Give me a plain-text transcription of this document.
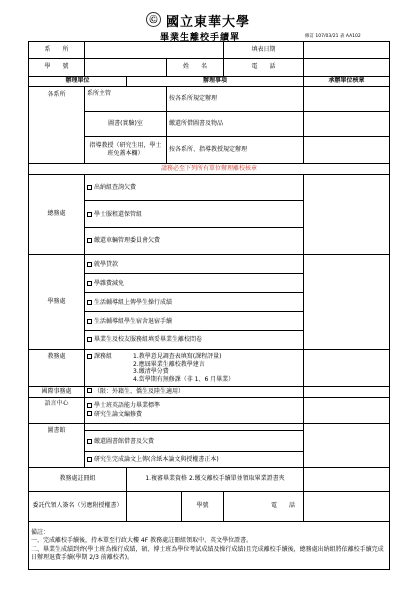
Ⓒ 國立東華大學
畢業生離校手續單	修訂 107/03/21 表 AA102
系　　所					填表日期	
學　　號			姓　　名		電　　話	
辦理單位		辦理事項				承辦單位核章
各系所	系所主管		按各系所規定辦理			
	圖書(實驗)室		繳還所借圖書及物品			
	指導教授（研究生用，學士班免蓋本欄）		按各系所、指導教授規定辦理			
請務必至下列所有單位辦理離校核章						
總務處	出納組查詢欠費
學士服租還保管組
繳還車輛管理委員會欠費					

學務處	就學貸款
學雜費減免
生活輔導組上傳學生操行成績
生活輔導組學生宿舍退宿手續
畢業生及校友服務組填妥畢業生離校問卷					

教務處	課務組 1.教學意見調查表填寫(課程評量)
2.應屆畢業生離校教學建言
3.繳清學分費
4.當學期有無修課（非 1、6 月畢業）					

國際事務處	（限：外籍生、僑生及陸生適用）					
語言中心	學士班英語能力畢業標準
研究生論文編修費					

圖書館	繳還圖書館借書及欠費
研究生完成論文上傳(含紙本論文與授權書正本)					

教務處註冊組		1.複審畢業資格 2.繳交離校手續單並領取畢業證書夾				
委託代領人簽名（另應附授權書）				學號	電　　話	

備註：
一、完成離校手續後，持本單至行政大樓 4F 教務處註冊組領取中、英文學位證書。
二、畢業生成績到齊(學士班為操行成績，碩、博士班為學位考試成績及操行成績)且完成離校手續後，總務處出納組將依離校手續完成日辦理退費手續(學期 2/3 前離校者)。						
